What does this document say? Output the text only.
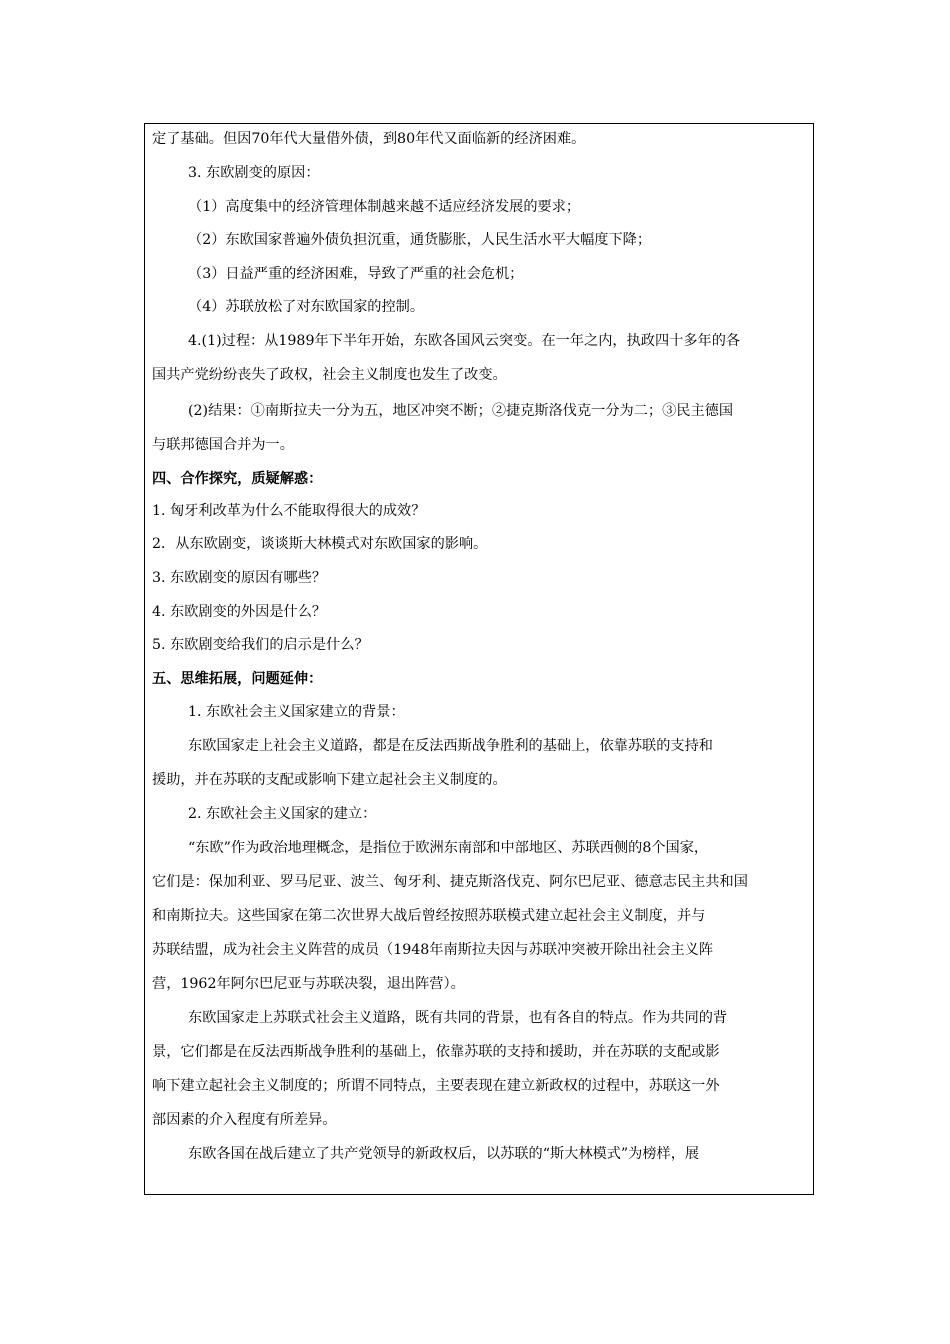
定了基础。但因70年代大量借外债，到80年代又面临新的经济困难。
3. 东欧剧变的原因：
（1）高度集中的经济管理体制越来越不适应经济发展的要求；
（2）东欧国家普遍外债负担沉重，通货膨胀，人民生活水平大幅度下降；
（3）日益严重的经济困难，导致了严重的社会危机；
（4）苏联放松了对东欧国家的控制。
4.(1)过程：从1989年下半年开始，东欧各国风云突变。在一年之内，执政四十多年的各
国共产党纷纷丧失了政权，社会主义制度也发生了改变。
(2)结果：①南斯拉夫一分为五，地区冲突不断；②捷克斯洛伐克一分为二；③民主德国
与联邦德国合并为一。
四、合作探究，质疑解惑：
1. 匈牙利改革为什么不能取得很大的成效？
2．从东欧剧变，谈谈斯大林模式对东欧国家的影响。
3. 东欧剧变的原因有哪些？
4. 东欧剧变的外因是什么？
5. 东欧剧变给我们的启示是什么？
五、思维拓展，问题延伸：
1. 东欧社会主义国家建立的背景：
东欧国家走上社会主义道路，都是在反法西斯战争胜利的基础上，依靠苏联的支持和
援助，并在苏联的支配或影响下建立起社会主义制度的。
2. 东欧社会主义国家的建立：
“东欧”作为政治地理概念，是指位于欧洲东南部和中部地区、苏联西侧的8个国家，
它们是：保加利亚、罗马尼亚、波兰、匈牙利、捷克斯洛伐克、阿尔巴尼亚、德意志民主共和国
和南斯拉夫。这些国家在第二次世界大战后曾经按照苏联模式建立起社会主义制度，并与
苏联结盟，成为社会主义阵营的成员（1948年南斯拉夫因与苏联冲突被开除出社会主义阵
营，1962年阿尔巴尼亚与苏联决裂，退出阵营）。
东欧国家走上苏联式社会主义道路，既有共同的背景，也有各自的特点。作为共同的背
景，它们都是在反法西斯战争胜利的基础上，依靠苏联的支持和援助，并在苏联的支配或影
响下建立起社会主义制度的；所谓不同特点，主要表现在建立新政权的过程中，苏联这一外
部因素的介入程度有所差异。
东欧各国在战后建立了共产党领导的新政权后，以苏联的“斯大林模式”为榜样，展
